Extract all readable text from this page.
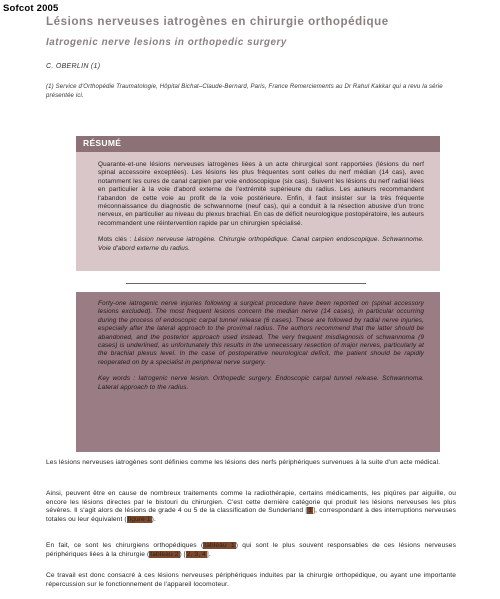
Sofcot 2005
Lésions nerveuses iatrogènes en chirurgie orthopédique
Iatrogenic nerve lesions in orthopedic surgery
C. OBERLIN (1)
(1) Service d'Orthopédie Traumatologie, Hôpital Bichat–Claude-Bernard, Paris, France Remerciements au Dr Rahul Kakkar qui a revu la série présentée ici.
RÉSUMÉ
Quarante-et-une lésions nerveuses iatrogènes liées à un acte chirurgical sont rapportées (lésions du nerf spinal accessoire exceptées). Les lésions les plus fréquentes sont celles du nerf médian (14 cas), avec notamment les cures de canal carpien par voie endoscopique (six cas). Suivent les lésions du nerf radial liées en particulier à la voie d'abord externe de l'extrémité supérieure du radius. Les auteurs recommandent l'abandon de cette voie au profit de la voie postérieure. Enfin, il faut insister sur la très fréquente méconnaissance du diagnostic de schwannome (neuf cas), qui a conduit à la résection abusive d'un tronc nerveux, en particulier au niveau du plexus brachial. En cas de déficit neurologique postopératoire, les auteurs recommandent une réintervention rapide par un chirurgien spécialisé.
Mots clés : Lésion nerveuse iatrogène. Chirurgie orthopédique. Canal carpien endoscopique. Schwannome. Voie d'abord externe du radius.
Forty-one iatrogenic nerve injuries following a surgical procedure have been reported on (spinal accessory lesions excluded). The most frequent lesions concern the median nerve (14 cases), in particular occurring during the process of endoscopic carpal tunnel release (6 cases). These are followed by radial nerve injuries, especially after the lateral approach to the proximal radius. The authors recommend that the latter should be abandoned, and the posterior approach used instead. The very frequent misdiagnosis of schwannoma (9 cases) is underlined, as unfortunately this results in the unnecessary resection of major nerves, particularly at the brachial plexus level. In the case of postoperative neurological deficit, the patient should be rapidly reoperated on by a specialist in peripheral nerve surgery.
Key words : Iatrogenic nerve lesion. Orthopedic surgery. Endoscopic carpal tunnel release. Schwannoma. Lateral approach to the radius.
Les lésions nerveuses iatrogènes sont définies comme les lésions des nerfs périphériques survenues à la suite d'un acte médical.
Ainsi, peuvent être en cause de nombreux traitements comme la radiothérapie, certains médicaments, les piqûres par aiguille, ou encore les lésions directes par le bistouri du chirurgien. C'est cette dernière catégorie qui produit les lésions nerveuses les plus sévères. Il s'agit alors de lésions de grade 4 ou 5 de la classification de Sunderland [1], correspondant à des interruptions nerveuses totales ou leur équivalent (figure 1).
En fait, ce sont les chirurgiens orthopédiques (tableau 1) qui sont le plus souvent responsables de ces lésions nerveuses périphériques liées à la chirurgie (tableau 2) [2, 3, 4].
Ce travail est donc consacré à ces lésions nerveuses périphériques induites par la chirurgie orthopédique, ou ayant une importante répercussion sur le fonctionnement de l'appareil locomoteur.
